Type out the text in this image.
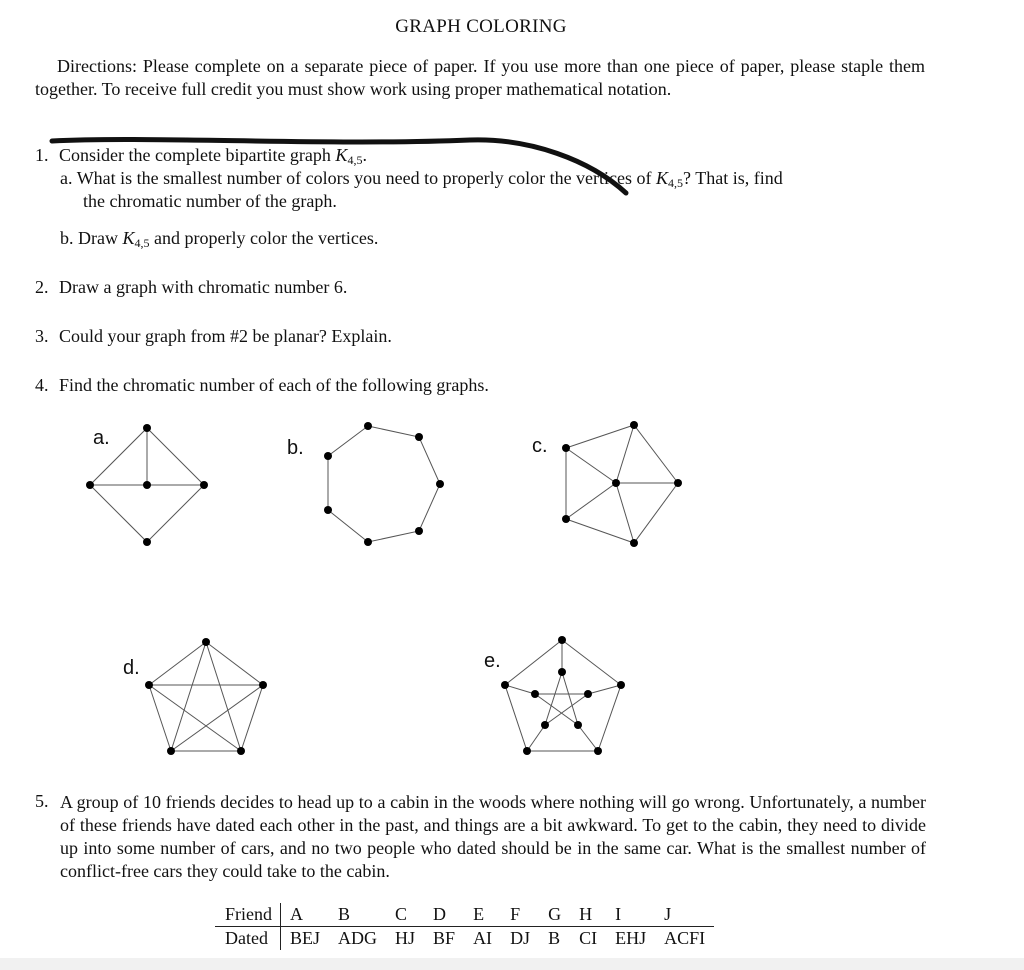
GRAPH COLORING
Directions: Please complete on a separate piece of paper. If you use more than one piece of paper, please staple them together. To receive full credit you must show work using proper mathematical notation.
1. Consider the complete bipartite graph $K_{4,5}$.
a. What is the smallest number of colors you need to properly color the vertices of $K_{4,5}$? That is, find
the chromatic number of the graph.
b. Draw $K_{4,5}$ and properly color the vertices.
2. Draw a graph with chromatic number 6.
3. Could your graph from #2 be planar? Explain.
4. Find the chromatic number of each of the following graphs.
a.	b.	c.
d.	e.
5. A group of 10 friends decides to head up to a cabin in the woods where nothing will go wrong. Unfortunately, a number of these friends have dated each other in the past, and things are a bit awkward. To get to the cabin, they need to divide up into some number of cars, and no two people who dated should be in the same car. What is the smallest number of conflict-free cars they could take to the cabin.
Friend	A	B	C	D	E	F	G	H	I	J
Dated	BEJ	ADG	HJ	BF	AI	DJ	B	CI	EHJ	ACFI
